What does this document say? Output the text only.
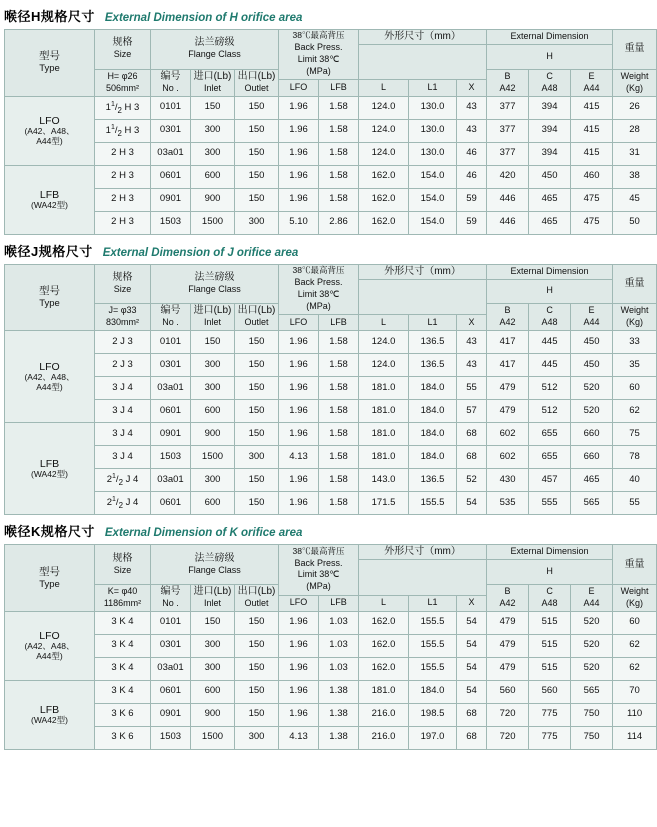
喉径H规格尺寸 External Dimension of H orifice area
型号
Type	规格
Size	法兰磅级
Flange Class			38℃最高背压
Back Press.
Limit 38℃
(MPa)		外形尺寸（mm）			External Dimension			重量
										H			
	H= φ26
506mm²	编号
No .	进口(Lb)
Inlet	出口(Lb)
Outlet						B
A42	C
A48	E
A44	Weight
(Kg)
					LFO	LFB	L	L1	X				

LFO
(A42、A48、
A44型)	$1^1/_2$ H 3	0101	150	150	1.96	1.58	124.0	130.0	43	377	394	415	26
	$1^1/_2$ H 3	0301	300	150	1.96	1.58	124.0	130.0	43	377	394	415	28
	2 H 3	03a01	300	150	1.96	1.58	124.0	130.0	46	377	394	415	31

LFB
(WA42型)	2 H 3	0601	600	150	1.96	1.58	162.0	154.0	46	420	450	460	38
	2 H 3	0901	900	150	1.96	1.58	162.0	154.0	59	446	465	475	45
	2 H 3	1503	1500	300	5.10	2.86	162.0	154.0	59	446	465	475	50
喉径J规格尺寸 External Dimension of J orifice area
型号
Type	规格
Size	法兰磅级
Flange Class			38℃最高背压
Back Press.
Limit 38℃
(MPa)		外形尺寸（mm）			External Dimension			重量
										H			
	J= φ33
830mm²	编号
No .	进口(Lb)
Inlet	出口(Lb)
Outlet						B
A42	C
A48	E
A44	Weight
(Kg)
					LFO	LFB	L	L1	X				

LFO
(A42、A48、
A44型)	2 J 3	0101	150	150	1.96	1.58	124.0	136.5	43	417	445	450	33
	2 J 3	0301	300	150	1.96	1.58	124.0	136.5	43	417	445	450	35
	3 J 4	03a01	300	150	1.96	1.58	181.0	184.0	55	479	512	520	60
	3 J 4	0601	600	150	1.96	1.58	181.0	184.0	57	479	512	520	62

LFB
(WA42型)	3 J 4	0901	900	150	1.96	1.58	181.0	184.0	68	602	655	660	75
	3 J 4	1503	1500	300	4.13	1.58	181.0	184.0	68	602	655	660	78
	$2^1/_2$ J 4	03a01	300	150	1.96	1.58	143.0	136.5	52	430	457	465	40
	$2^1/_2$ J 4	0601	600	150	1.96	1.58	171.5	155.5	54	535	555	565	55
喉径K规格尺寸 External Dimension of K orifice area
型号
Type	规格
Size	法兰磅级
Flange Class			38℃最高背压
Back Press.
Limit 38℃
(MPa)		外形尺寸（mm）			External Dimension			重量
										H			
	K= φ40
1186mm²	编号
No .	进口(Lb)
Inlet	出口(Lb)
Outlet						B
A42	C
A48	E
A44	Weight
(Kg)
					LFO	LFB	L	L1	X				

LFO
(A42、A48、
A44型)	3 K 4	0101	150	150	1.96	1.03	162.0	155.5	54	479	515	520	60
	3 K 4	0301	300	150	1.96	1.03	162.0	155.5	54	479	515	520	62
	3 K 4	03a01	300	150	1.96	1.03	162.0	155.5	54	479	515	520	62

LFB
(WA42型)	3 K 4	0601	600	150	1.96	1.38	181.0	184.0	54	560	560	565	70
	3 K 6	0901	900	150	1.96	1.38	216.0	198.5	68	720	775	750	110
	3 K 6	1503	1500	300	4.13	1.38	216.0	197.0	68	720	775	750	114
